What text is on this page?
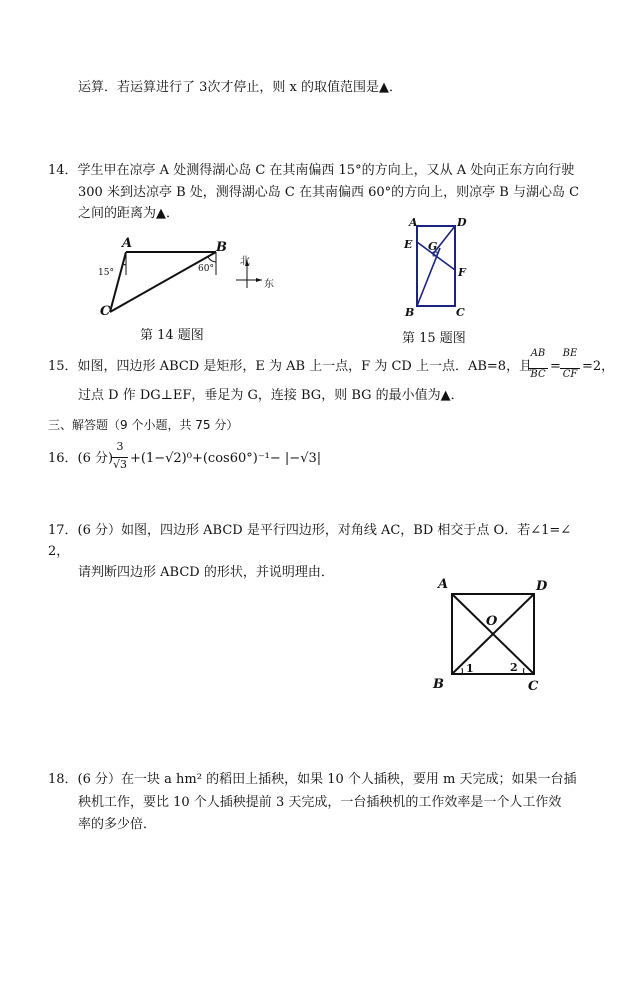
运算．若运算进行了 3次才停止，则 x 的取值范围是▲．
14．学生甲在凉亭 A 处测得湖心岛 C 在其南偏西 15°的方向上，又从 A 处向正东方向行驶
300 米到达凉亭 B 处，测得湖心岛 C 在其南偏西 60°的方向上，则凉亭 B 与湖心岛 C
之间的距离为▲．
A	B
C
15°	60°
北
东
第 14 题图
A	D
E G
F
B	C
第 15 题图
15．如图，四边形 ABCD 是矩形，E 为 AB 上一点，F 为 CD 上一点．AB=8，且
AB
BC
=
BE
CF
=2，
过点 D 作 DG⊥EF，垂足为 G，连接 BG，则 BG 的最小值为▲．
三、解答题（9 个小题，共 75 分）
16．(6 分)
3
√3 +(1−√2)⁰+(cos60°)⁻¹− |−√3|
17．(6 分）如图，四边形 ABCD 是平行四边形，对角线 AC，BD 相交于点 O．若∠1=∠
2，
请判断四边形 ABCD 的形状，并说明理由．
A	D
O
B	C
1	2
18．(6 分）在一块 a hm² 的稻田上插秧，如果 10 个人插秧，要用 m 天完成；如果一台插
秧机工作，要比 10 个人插秧提前 3 天完成，一台插秧机的工作效率是一个人工作效
率的多少倍．
